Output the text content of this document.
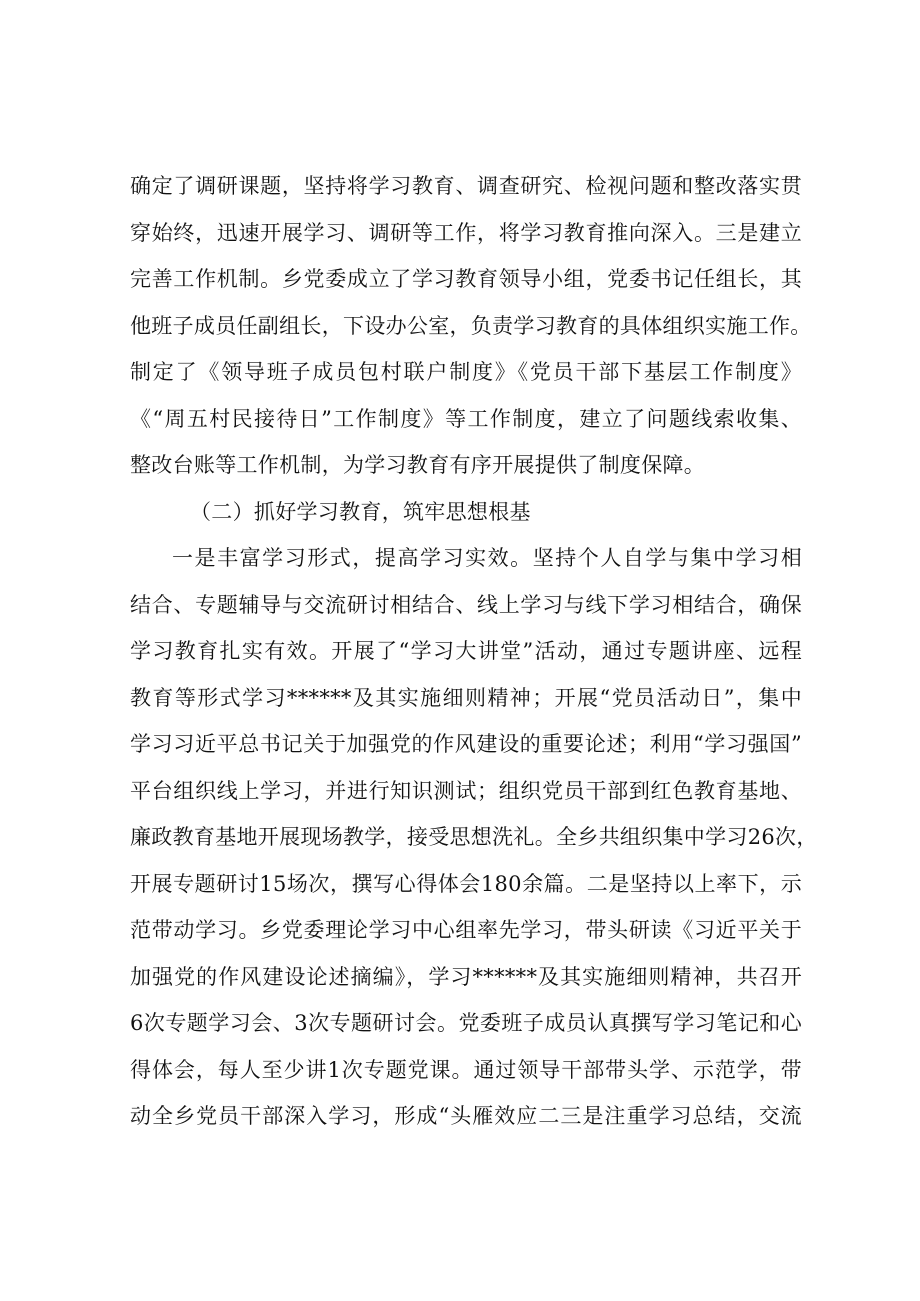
确定了调研课题，坚持将学习教育、调查研究、检视问题和整改落实贯
穿始终，迅速开展学习、调研等工作，将学习教育推向深入。三是建立
完善工作机制。乡党委成立了学习教育领导小组，党委书记任组长，其
他班子成员任副组长，下设办公室，负责学习教育的具体组织实施工作。
制定了《领导班子成员包村联户制度》《党员干部下基层工作制度》
《“周五村民接待日”工作制度》等工作制度，建立了问题线索收集、
整改台账等工作机制，为学习教育有序开展提供了制度保障。
（二）抓好学习教育，筑牢思想根基
一是丰富学习形式，提高学习实效。坚持个人自学与集中学习相
结合、专题辅导与交流研讨相结合、线上学习与线下学习相结合，确保
学习教育扎实有效。开展了“学习大讲堂”活动，通过专题讲座、远程
教育等形式学习******及其实施细则精神；开展“党员活动日”，集中
学习习近平总书记关于加强党的作风建设的重要论述；利用“学习强国”
平台组织线上学习，并进行知识测试；组织党员干部到红色教育基地、
廉政教育基地开展现场教学，接受思想洗礼。全乡共组织集中学习26次，
开展专题研讨15场次，撰写心得体会180余篇。二是坚持以上率下，示
范带动学习。乡党委理论学习中心组率先学习，带头研读《习近平关于
加强党的作风建设论述摘编》，学习******及其实施细则精神，共召开
6次专题学习会、3次专题研讨会。党委班子成员认真撰写学习笔记和心
得体会，每人至少讲1次专题党课。通过领导干部带头学、示范学，带
动全乡党员干部深入学习，形成“头雁效应二三是注重学习总结，交流
